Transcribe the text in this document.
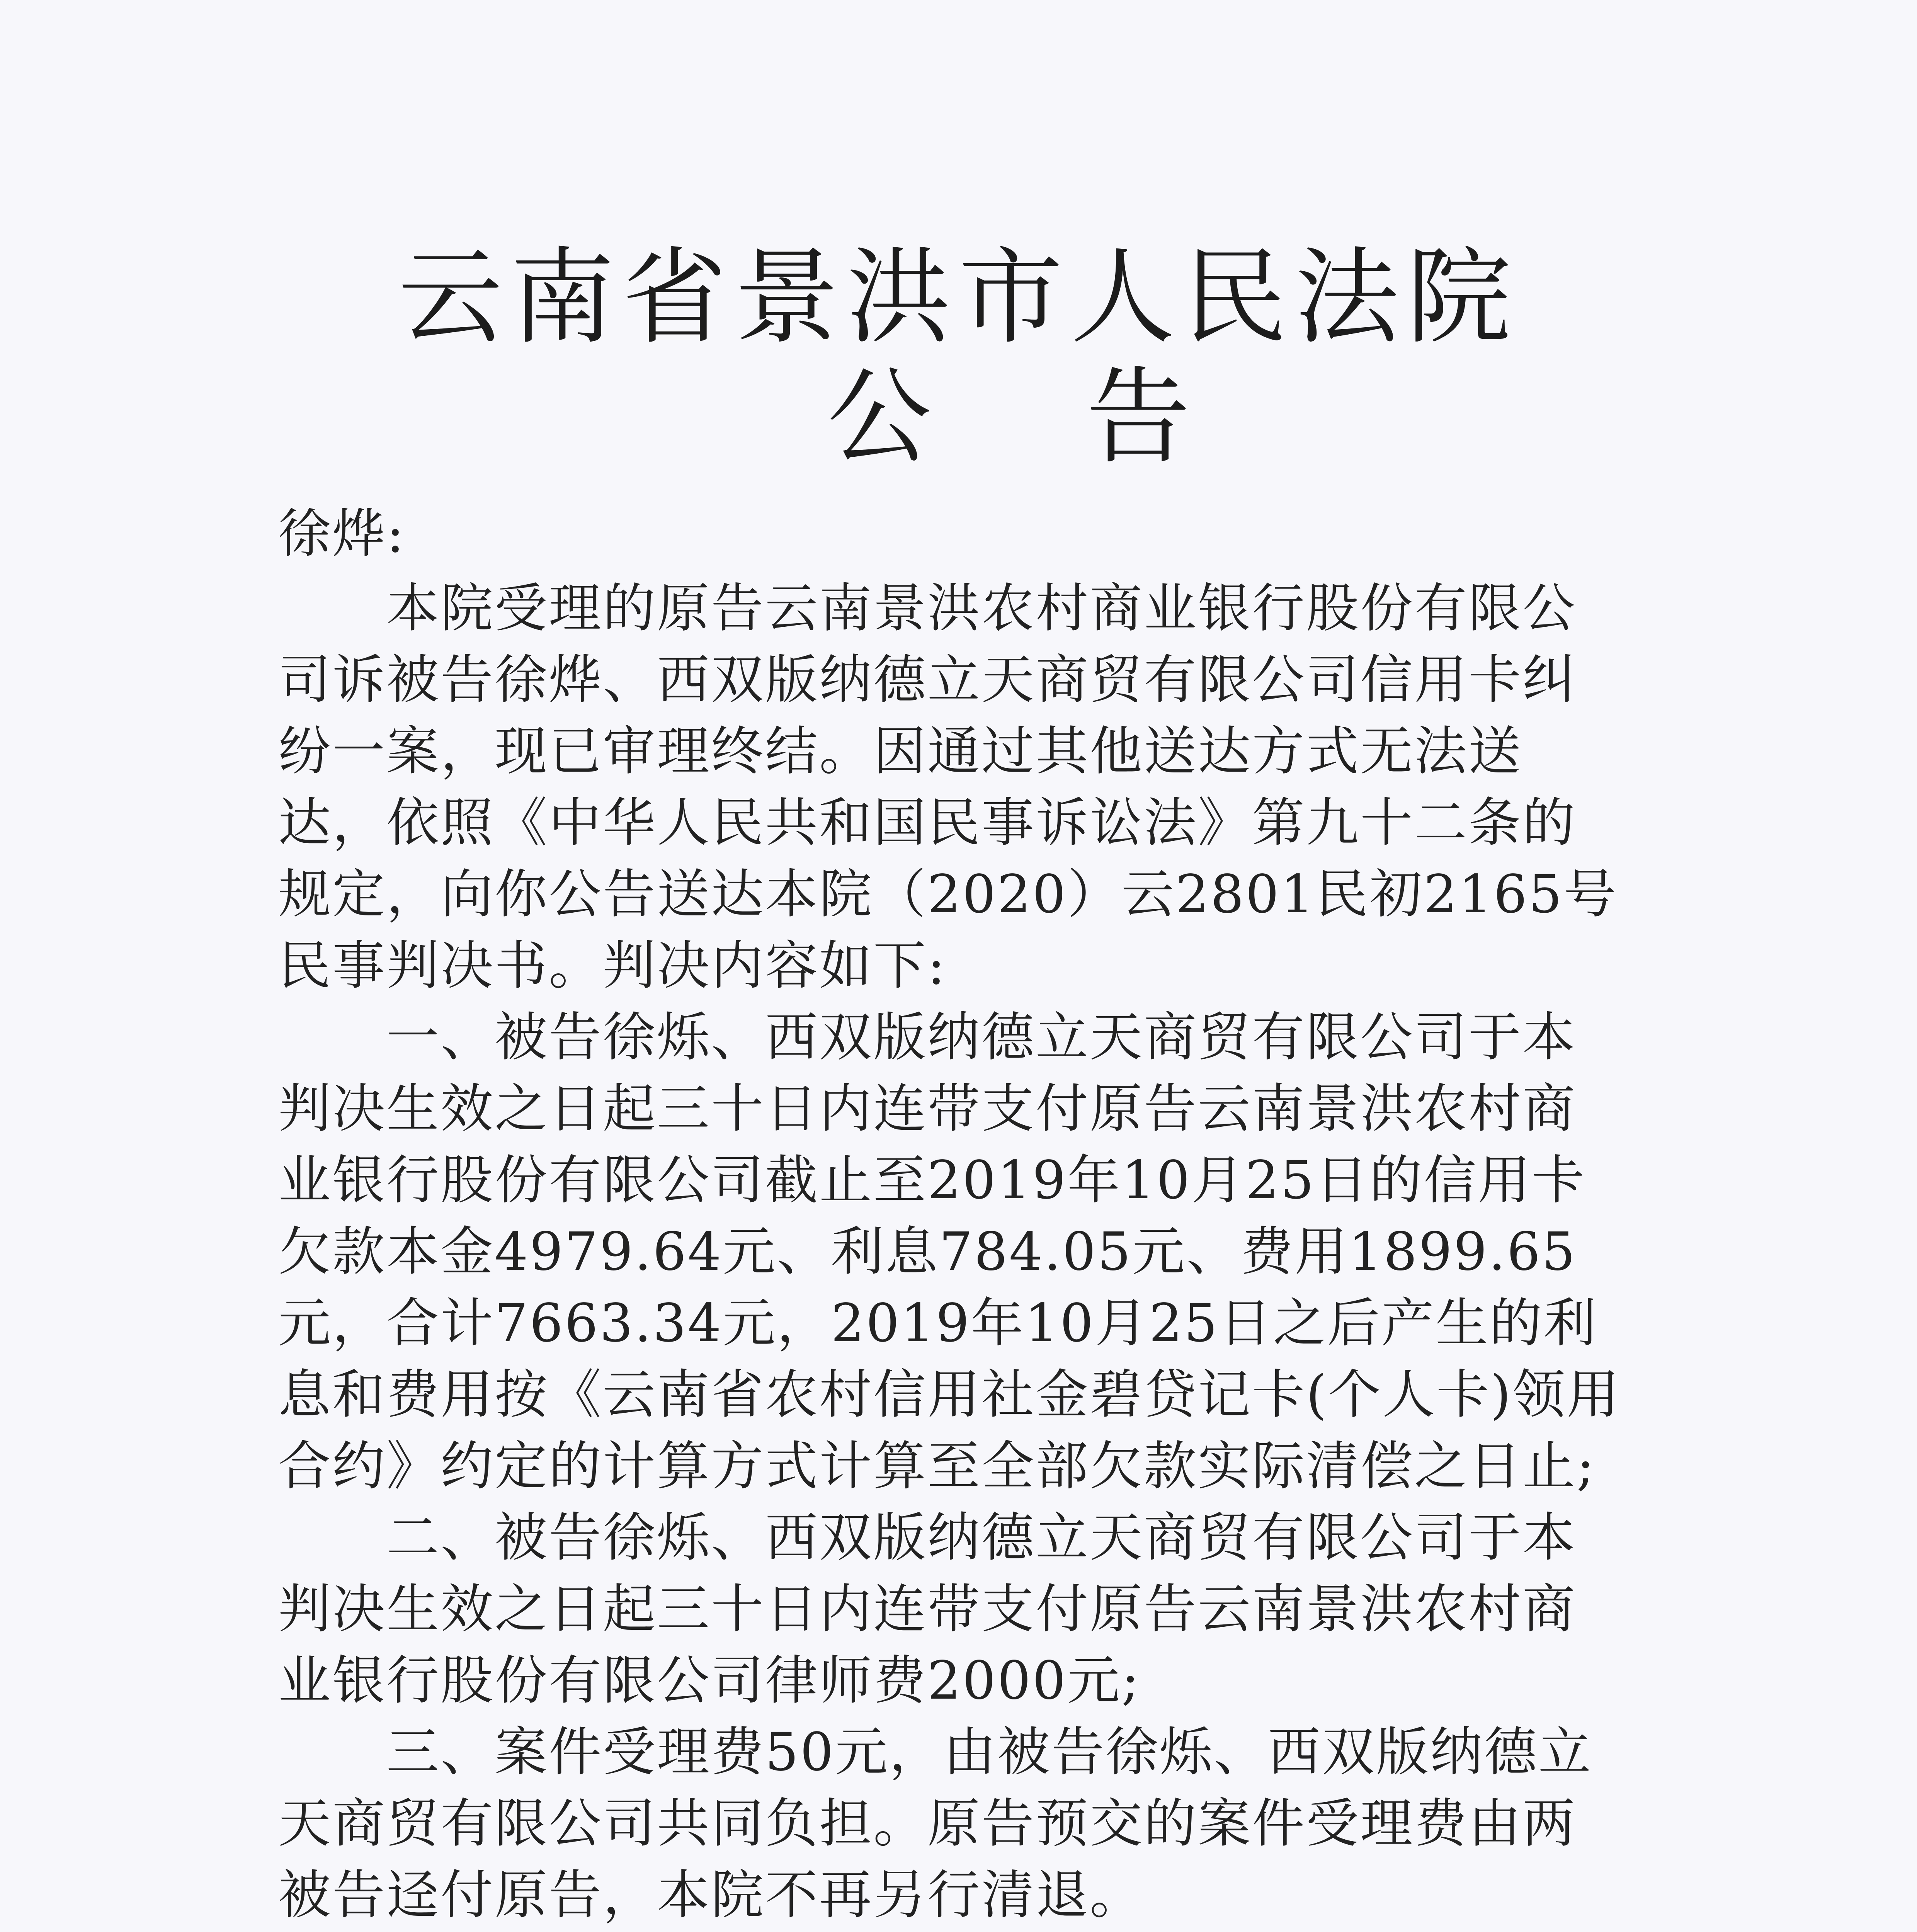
云南省景洪市人民法院
公告

徐烨:

本院受理的原告云南景洪农村商业银行股份有限公司诉被告徐烨、西双版纳德立天商贸有限公司信用卡纠纷一案，现已审理终结。因通过其他送达方式无法送达，依照《中华人民共和国民事诉讼法》第九十二条的规定，向你公告送达本院（2020）云2801民初2165号民事判决书。判决内容如下:

一、被告徐烁、西双版纳德立天商贸有限公司于本判决生效之日起三十日内连带支付原告云南景洪农村商业银行股份有限公司截止至2019年10月25日的信用卡欠款本金4979.64元、利息784.05元、费用1899.65元，合计7663.34元，2019年10月25日之后产生的利息和费用按《云南省农村信用社金碧贷记卡(个人卡)领用合约》约定的计算方式计算至全部欠款实际清偿之日止;

二、被告徐烁、西双版纳德立天商贸有限公司于本判决生效之日起三十日内连带支付原告云南景洪农村商业银行股份有限公司律师费2000元;

三、案件受理费50元，由被告徐烁、西双版纳德立天商贸有限公司共同负担。原告预交的案件受理费由两被告迳付原告，本院不再另行清退。
